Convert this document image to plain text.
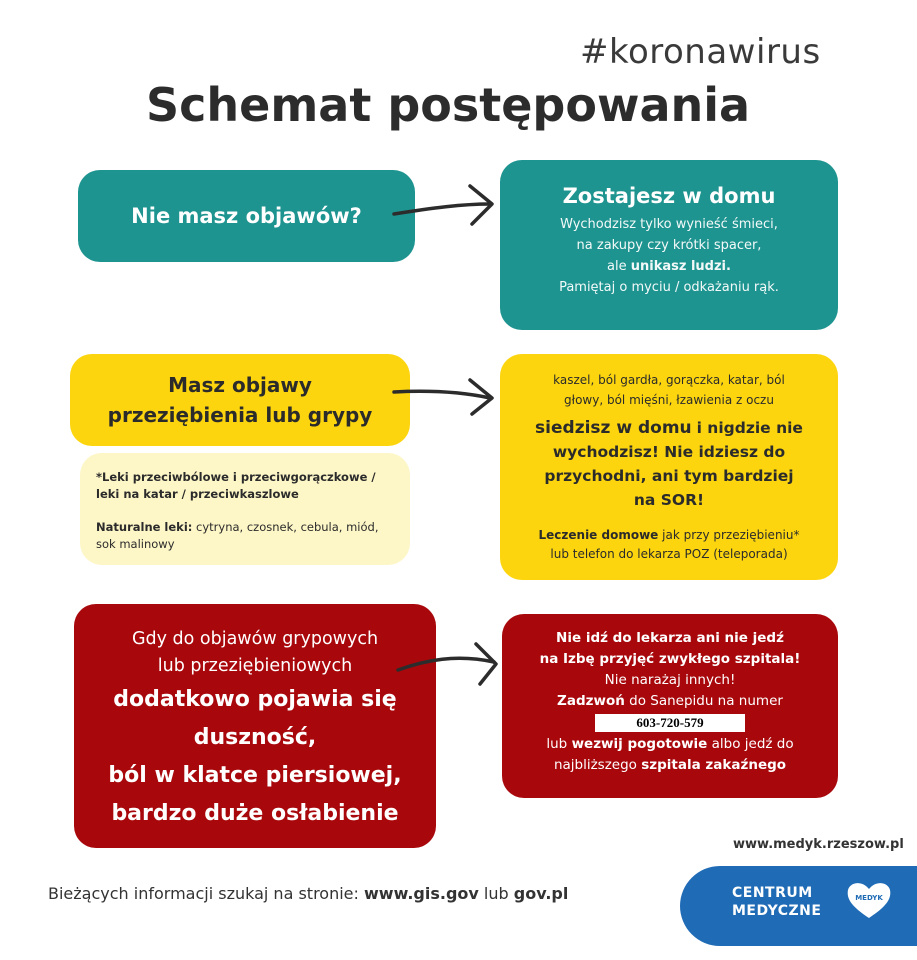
#koronawirus
Schemat postępowania
Nie masz objawów?
Zostajesz w domu
Wychodzisz tylko wynieść śmieci,
na zakupy czy krótki spacer,
ale unikasz ludzi.
Pamiętaj o myciu / odkażaniu rąk.
Masz objawy
przeziębienia lub grypy
*Leki przeciwbólowe i przeciwgorączkowe / leki na katar / przeciwkaszlowe
Naturalne leki: cytryna, czosnek, cebula, miód, sok malinowy
kaszel, ból gardła, gorączka, katar, ból głowy, ból mięśni, łzawienia z oczu
siedzisz w domu i nigdzie nie
wychodzisz! Nie idziesz do
przychodni, ani tym bardziej
na SOR!
Leczenie domowe jak przy przeziębieniu*
lub telefon do lekarza POZ (teleporada)
Gdy do objawów grypowych
lub przeziębieniowych
dodatkowo pojawia się
duszność,
ból w klatce piersiowej,
bardzo duże osłabienie
Nie idź do lekarza ani nie jedź
na Izbę przyjęć zwykłego szpitala!
Nie narażaj innych!
Zadzwoń do Sanepidu na numer
603-720-579
lub wezwij pogotowie albo jedź do
najbliższego szpitala zakaźnego
www.medyk.rzeszow.pl
Bieżących informacji szukaj na stronie: www.gis.gov lub gov.pl	CENTRUM
MEDYCZNE
MEDYK
